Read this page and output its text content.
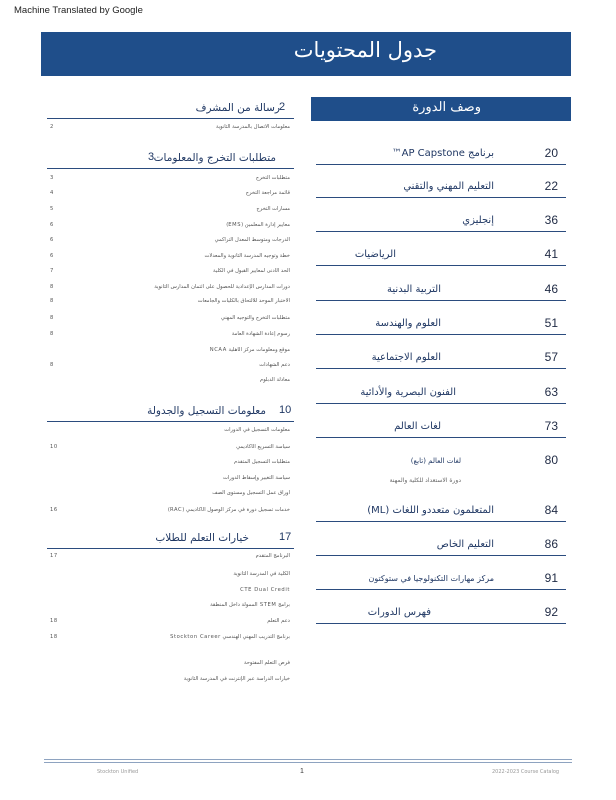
Machine Translated by Google
جدول المحتويات
وصف الدورة
برنامج AP Capstone™	20
التعليم المهني والتقني	22
إنجليزي	36
الرياضيات	41
التربية البدنية	46
العلوم والهندسة	51
العلوم الاجتماعية	57
الفنون البصرية والأدائية	63
لغات العالم	73
لغات العالم (تابع)	80
دورة الاستعداد للكلية والمهنة
المتعلمون متعددو اللغات (ML)	84
التعليم الخاص	86
مركز مهارات التكنولوجيا في ستوكتون	91
فهرس الدورات	92
رسالة من المشرف 2
2	معلومات الاتصال بالمدرسة الثانوية
متطلبات التخرج والمعلومات
3
3	متطلبات التخرج
4	قائمة مراجعة التخرج
5	مسارات التخرج
6	معايير إدارة المعلمين (EMS)
6	الدرجات ومتوسط المعدل التراكمي
6	خطة وتوجيه المدرسة الثانوية والمعدلات
7	الحد الأدنى لمعايير القبول في الكلية
8	دورات المدارس الإعدادية للحصول على ائتمان المدارس الثانوية
8	الاختبار الموحد للالتحاق بالكليات والجامعات
8	متطلبات التخرج والتوجيه المهني
8	رسوم إعادة الشهادة العامة
موقع ومعلومات مركز الأهلية NCAA
8	دعم الشهادات
معادلة الدبلوم
معلومات التسجيل والجدولة 10
معلومات التسجيل في الدورات
10	سياسة التسريع الأكاديمي
متطلبات التسجيل المتقدم
سياسة التغيير وإسقاط الدورات
أوراق عمل التسجيل ومستوى الصف
16	خدمات تسجيل دورة في مركز الوصول الأكاديمي (RAC)
خيارات التعلم للطلاب	17
17	البرنامج المتقدم
الكلية في المدرسة الثانوية
CTE Dual Credit
برامج STEM الممولة داخل المنطقة
18	دعم التعلم
18	برنامج التدريب المهني الهندسي Stockton Career
فرص التعلم المفتوحة
خيارات الدراسة عبر الإنترنت في المدرسة الثانوية
Stockton Unified	1	2022-2023 Course Catalog
